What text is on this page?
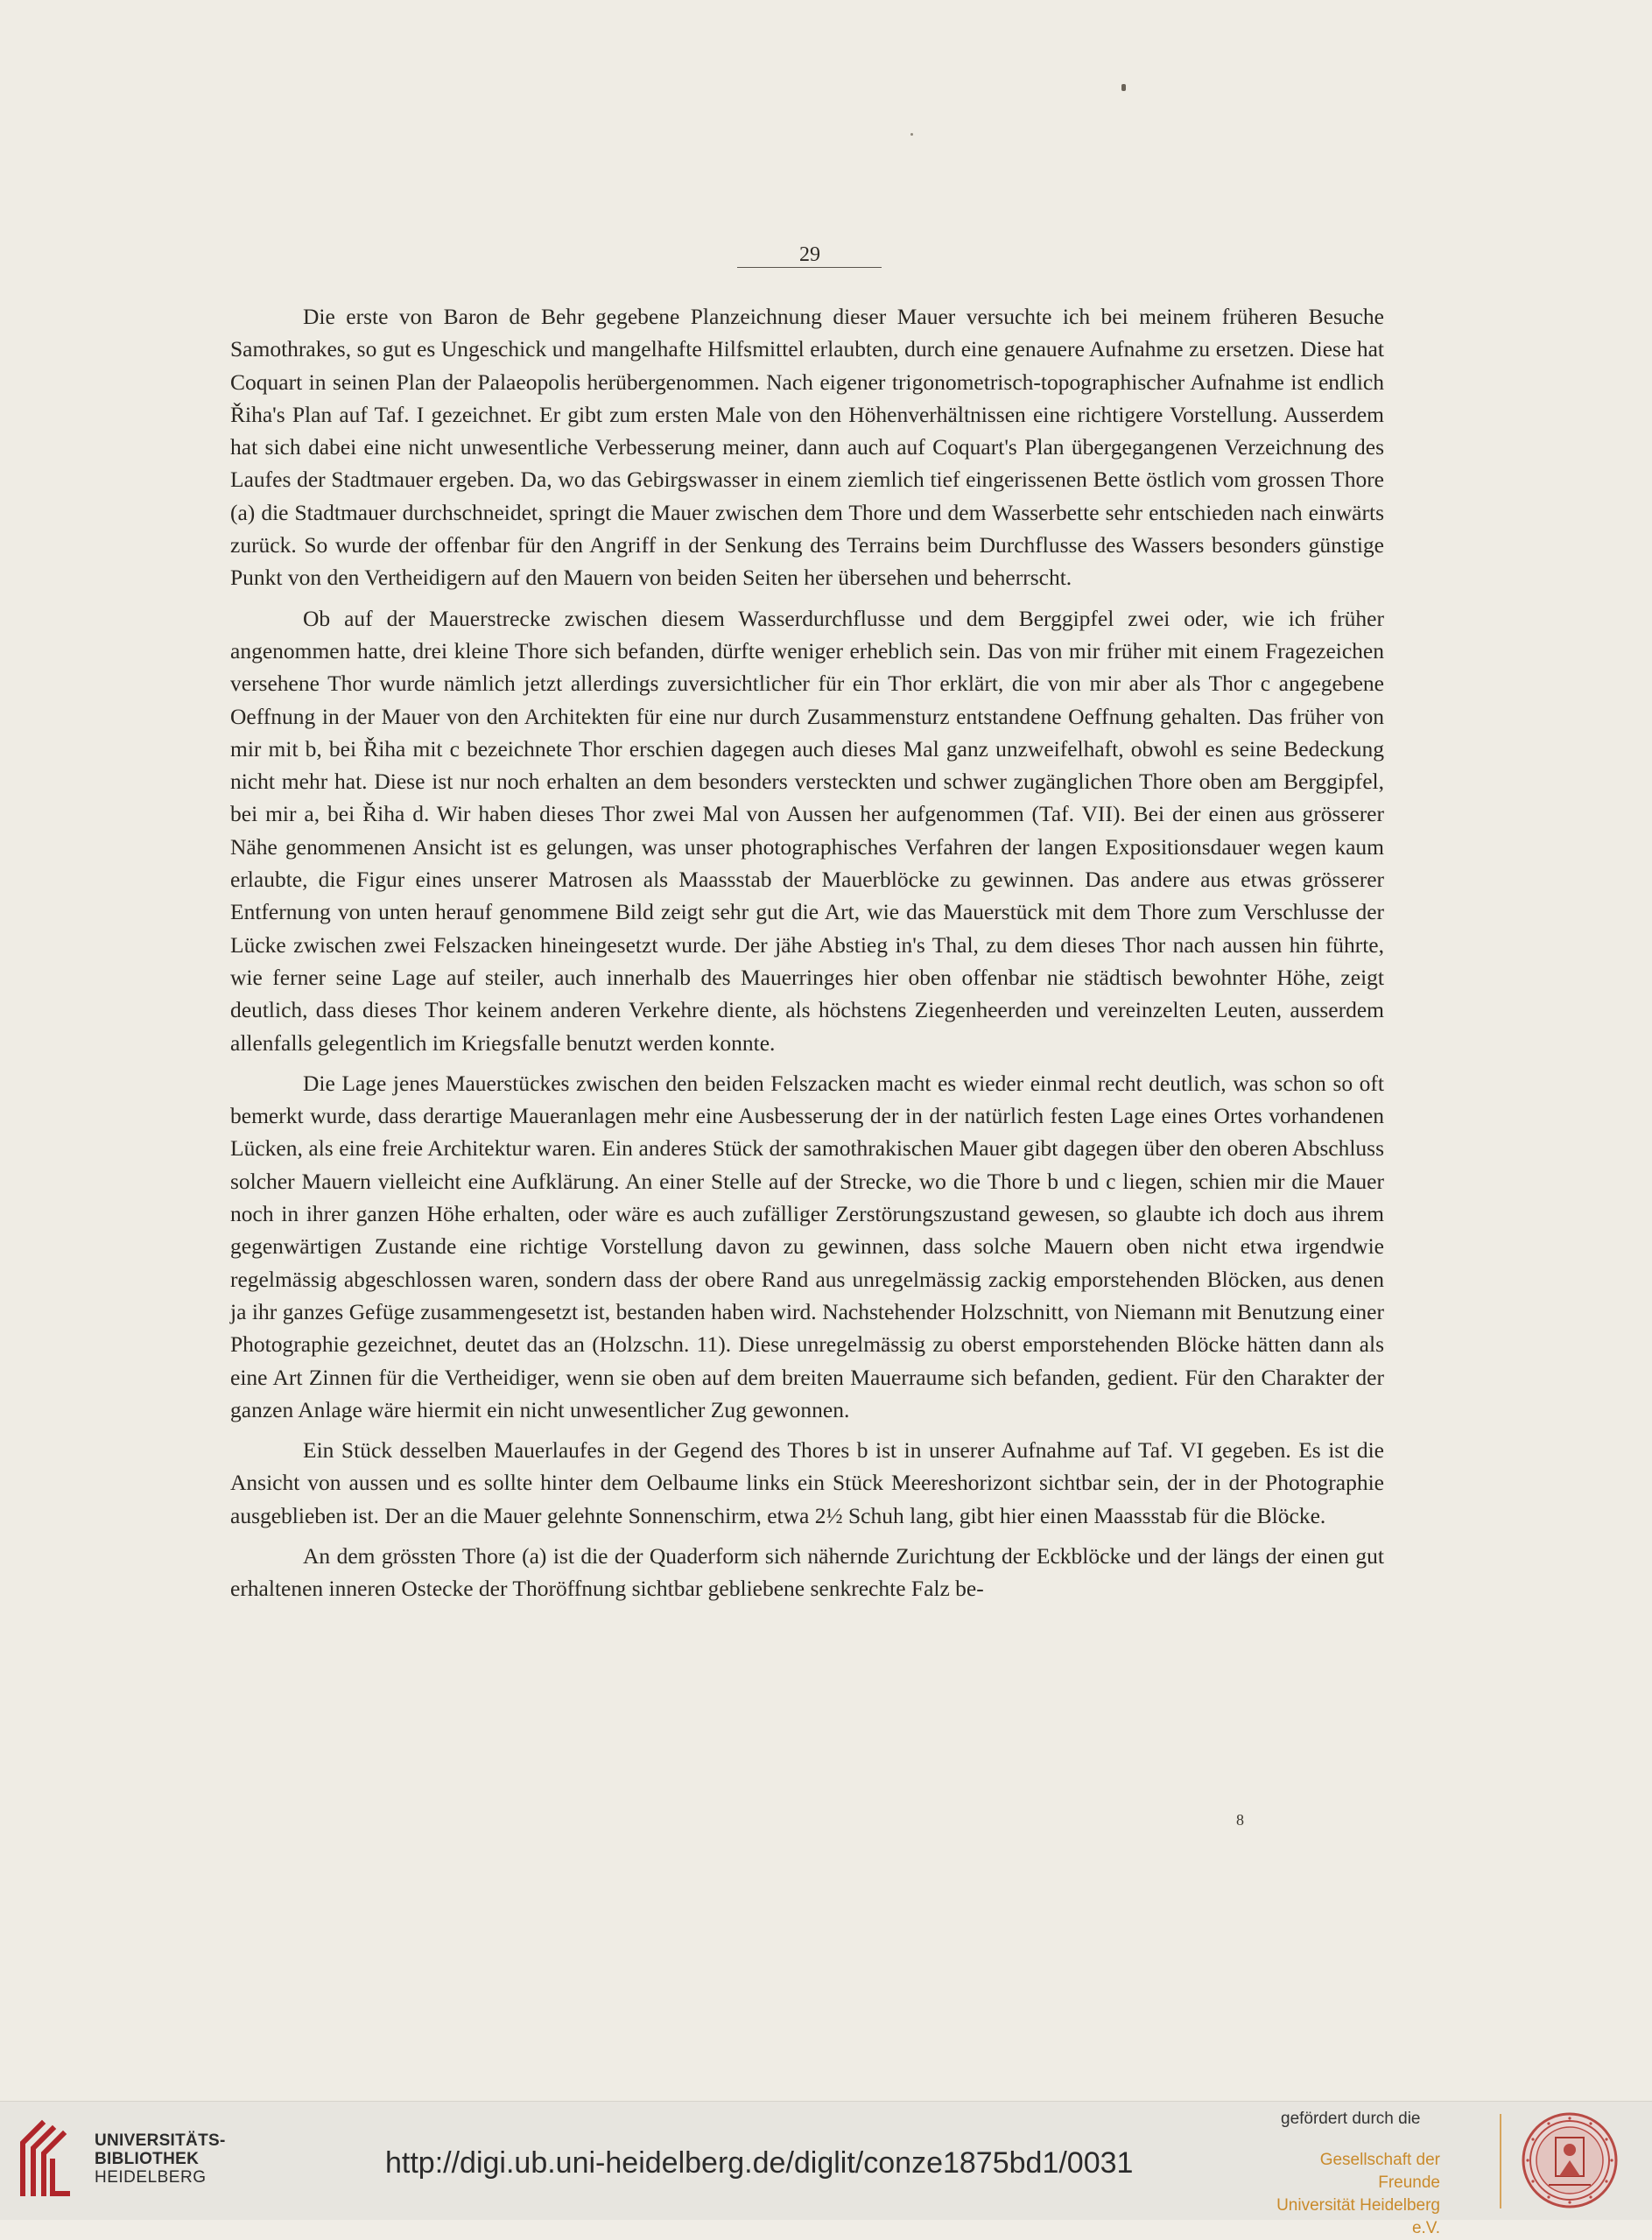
29

Die erste von Baron de Behr gegebene Planzeichnung dieser Mauer versuchte ich bei meinem früheren Besuche Samothrakes, so gut es Ungeschick und mangelhafte Hilfsmittel erlaubten, durch eine genauere Aufnahme zu ersetzen. Diese hat Coquart in seinen Plan der Palaeopolis herübergenommen. Nach eigener trigonometrisch-topographischer Aufnahme ist endlich Řiha's Plan auf Taf. I gezeichnet. Er gibt zum ersten Male von den Höhenverhältnissen eine richtigere Vorstellung. Ausserdem hat sich dabei eine nicht unwesentliche Verbesserung meiner, dann auch auf Coquart's Plan übergegangenen Verzeichnung des Laufes der Stadtmauer ergeben. Da, wo das Gebirgswasser in einem ziemlich tief eingerissenen Bette östlich vom grossen Thore (a) die Stadtmauer durchschneidet, springt die Mauer zwischen dem Thore und dem Wasserbette sehr entschieden nach einwärts zurück. So wurde der offenbar für den Angriff in der Senkung des Terrains beim Durchflusse des Wassers besonders günstige Punkt von den Vertheidigern auf den Mauern von beiden Seiten her übersehen und beherrscht.

Ob auf der Mauerstrecke zwischen diesem Wasserdurchflusse und dem Berggipfel zwei oder, wie ich früher angenommen hatte, drei kleine Thore sich befanden, dürfte weniger erheblich sein. Das von mir früher mit einem Fragezeichen versehene Thor wurde nämlich jetzt allerdings zuversichtlicher für ein Thor erklärt, die von mir aber als Thor c angegebene Oeffnung in der Mauer von den Architekten für eine nur durch Zusammensturz entstandene Oeffnung gehalten. Das früher von mir mit b, bei Řiha mit c bezeichnete Thor erschien dagegen auch dieses Mal ganz unzweifelhaft, obwohl es seine Bedeckung nicht mehr hat. Diese ist nur noch erhalten an dem besonders versteckten und schwer zugänglichen Thore oben am Berggipfel, bei mir a, bei Řiha d. Wir haben dieses Thor zwei Mal von Aussen her aufgenommen (Taf. VII). Bei der einen aus grösserer Nähe genommenen Ansicht ist es gelungen, was unser photographisches Verfahren der langen Expositionsdauer wegen kaum erlaubte, die Figur eines unserer Matrosen als Maassstab der Mauerblöcke zu gewinnen. Das andere aus etwas grösserer Entfernung von unten herauf genommene Bild zeigt sehr gut die Art, wie das Mauerstück mit dem Thore zum Verschlusse der Lücke zwischen zwei Felszacken hineingesetzt wurde. Der jähe Abstieg in's Thal, zu dem dieses Thor nach aussen hin führte, wie ferner seine Lage auf steiler, auch innerhalb des Mauerringes hier oben offenbar nie städtisch bewohnter Höhe, zeigt deutlich, dass dieses Thor keinem anderen Verkehre diente, als höchstens Ziegenheerden und vereinzelten Leuten, ausserdem allenfalls gelegentlich im Kriegsfalle benutzt werden konnte.

Die Lage jenes Mauerstückes zwischen den beiden Felszacken macht es wieder einmal recht deutlich, was schon so oft bemerkt wurde, dass derartige Maueranlagen mehr eine Ausbesserung der in der natürlich festen Lage eines Ortes vorhandenen Lücken, als eine freie Architektur waren. Ein anderes Stück der samothrakischen Mauer gibt dagegen über den oberen Abschluss solcher Mauern vielleicht eine Aufklärung. An einer Stelle auf der Strecke, wo die Thore b und c liegen, schien mir die Mauer noch in ihrer ganzen Höhe erhalten, oder wäre es auch zufälliger Zerstörungszustand gewesen, so glaubte ich doch aus ihrem gegenwärtigen Zustande eine richtige Vorstellung davon zu gewinnen, dass solche Mauern oben nicht etwa irgendwie regelmässig abgeschlossen waren, sondern dass der obere Rand aus unregelmässig zackig emporstehenden Blöcken, aus denen ja ihr ganzes Gefüge zusammengesetzt ist, bestanden haben wird. Nachstehender Holzschnitt, von Niemann mit Benutzung einer Photographie gezeichnet, deutet das an (Holzschn. 11). Diese unregelmässig zu oberst emporstehenden Blöcke hätten dann als eine Art Zinnen für die Vertheidiger, wenn sie oben auf dem breiten Mauerraume sich befanden, gedient. Für den Charakter der ganzen Anlage wäre hiermit ein nicht unwesentlicher Zug gewonnen.

Ein Stück desselben Mauerlaufes in der Gegend des Thores b ist in unserer Aufnahme auf Taf. VI gegeben. Es ist die Ansicht von aussen und es sollte hinter dem Oelbaume links ein Stück Meereshorizont sichtbar sein, der in der Photographie ausgeblieben ist. Der an die Mauer gelehnte Sonnenschirm, etwa 2½ Schuh lang, gibt hier einen Maassstab für die Blöcke.

An dem grössten Thore (a) ist die der Quaderform sich nähernde Zurichtung der Eckblöcke und der längs der einen gut erhaltenen inneren Ostecke der Thoröffnung sichtbar gebliebene senkrechte Falz be-

8
UNIVERSITÄTS-
BIBLIOTHEK
HEIDELBERG	http://digi.ub.uni-heidelberg.de/diglit/conze1875bd1/0031
gefördert durch die
Gesellschaft der Freunde
Universität Heidelberg e.V.
